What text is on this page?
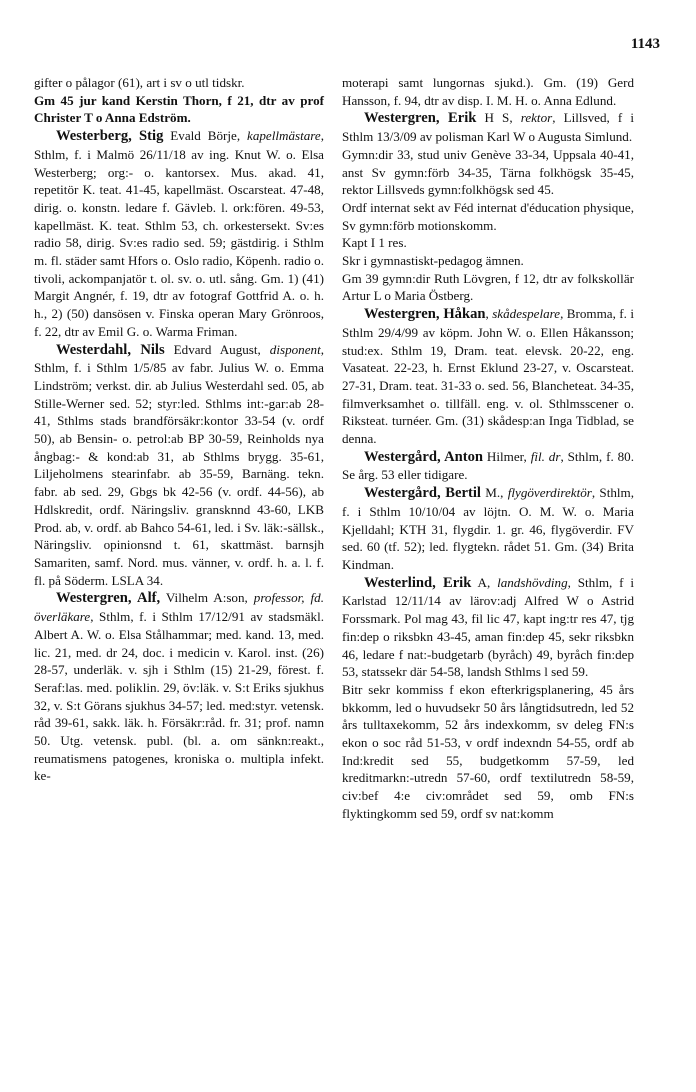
1143

gifter o pålagor (61), art i sv o utl tidskr.

Gm 45 jur kand Kerstin Thorn, f 21, dtr av prof Christer T o Anna Edström.

Westerberg, Stig Evald Börje, kapellmästare, Sthlm, f. i Malmö 26/11/18 av ing. Knut W. o. Elsa Westerberg; org:- o. kantorsex. Mus. akad. 41, repetitör K. teat. 41-45, kapellmäst. Oscarsteat. 47-48, dirig. o. konstn. ledare f. Gävleb. l. ork:fören. 49-53, kapellmäst. K. teat. Sthlm 53, ch. orkestersekt. Sv:es radio 58, dirig. Sv:es radio sed. 59; gästdirig. i Sthlm m. fl. städer samt Hfors o. Oslo radio, Köpenh. radio o. tivoli, ackompanjatör t. ol. sv. o. utl. sång. Gm. 1) (41) Margit Angnér, f. 19, dtr av fotograf Gottfrid A. o. h. h., 2) (50) dansösen v. Finska operan Mary Grönroos, f. 22, dtr av Emil G. o. Warma Friman.

Westerdahl, Nils Edvard August, disponent, Sthlm, f. i Sthlm 1/5/85 av fabr. Julius W. o. Emma Lindström; verkst. dir. ab Julius Westerdahl sed. 05, ab Stille-Werner sed. 52; styr:led. Sthlms int:-gar:ab 28-41, Sthlms stads brandförsäkr:kontor 33-54 (v. ordf 50), ab Bensin- o. petrol:ab BP 30-59, Reinholds nya ångbag:- & kond:ab 31, ab Sthlms brygg. 35-61, Liljeholmens stearinfabr. ab 35-59, Barnäng. tekn. fabr. ab sed. 29, Gbgs bk 42-56 (v. ordf. 44-56), ab Hdlskredit, ordf. Näringsliv. gransknnd 43-60, LKB Prod. ab, v. ordf. ab Bahco 54-61, led. i Sv. läk:-sällsk., Näringsliv. opinionsnd t. 61, skattmäst. barnsjh Samariten, samf. Nord. mus. vänner, v. ordf. h. a. l. f. fl. på Söderm. LSLA 34.

Westergren, Alf, Vilhelm A:son, professor, fd. överläkare, Sthlm, f. i Sthlm 17/12/91 av stadsmäkl. Albert A. W. o. Elsa Stålhammar; med. kand. 13, med. lic. 21, med. dr 24, doc. i medicin v. Karol. inst. (26) 28-57, underläk. v. sjh i Sthlm (15) 21-29, förest. f. Seraf:las. med. poliklin. 29, öv:läk. v. S:t Eriks sjukhus 32, v. S:t Görans sjukhus 34-57; led. med:styr. vetensk. råd 39-61, sakk. läk. h. Försäkr:råd. fr. 31; prof. namn 50. Utg. vetensk. publ. (bl. a. om sänkn:reakt., reumatismens patogenes, kroniska o. multipla infekt. ke-

moterapi samt lungornas sjukd.). Gm. (19) Gerd Hansson, f. 94, dtr av disp. I. M. H. o. Anna Edlund.

Westergren, Erik H S, rektor, Lillsved, f i Sthlm 13/3/09 av polisman Karl W o Augusta Simlund.

Gymn:dir 33, stud univ Genève 33-34, Uppsala 40-41, anst Sv gymn:förb 34-35, Tärna folkhögsk 35-45, rektor Lillsveds gymn:folkhögsk sed 45.

Ordf internat sekt av Féd internat d'éducation physique, Sv gymn:förb motionskomm.

Kapt I 1 res.

Skr i gymnastiskt-pedagog ämnen.

Gm 39 gymn:dir Ruth Lövgren, f 12, dtr av folkskollär Artur L o Maria Östberg.

Westergren, Håkan, skådespelare, Bromma, f. i Sthlm 29/4/99 av köpm. John W. o. Ellen Håkansson; stud:ex. Sthlm 19, Dram. teat. elevsk. 20-22, eng. Vasateat. 22-23, h. Ernst Eklund 23-27, v. Oscarsteat. 27-31, Dram. teat. 31-33 o. sed. 56, Blancheteat. 34-35, filmverksamhet o. tillfäll. eng. v. ol. Sthlmsscener o. Riksteat. turnéer. Gm. (31) skådesp:an Inga Tidblad, se denna.

Westergård, Anton Hilmer, fil. dr, Sthlm, f. 80. Se årg. 53 eller tidigare.

Westergård, Bertil M., flygöverdirektör, Sthlm, f. i Sthlm 10/10/04 av löjtn. O. M. W. o. Maria Kjelldahl; KTH 31, flygdir. 1. gr. 46, flygöverdir. FV sed. 60 (tf. 52); led. flygtekn. rådet 51. Gm. (34) Brita Kindman.

Westerlind, Erik A, landshövding, Sthlm, f i Karlstad 12/11/14 av lärov:adj Alfred W o Astrid Forssmark. Pol mag 43, fil lic 47, kapt ing:tr res 47, tjg fin:dep o riksbkn 43-45, aman fin:dep 45, sekr riksbkn 46, ledare f nat:-budgetarb (byråch) 49, byråch fin:dep 53, statssekr där 54-58, landsh Sthlms l sed 59.

Bitr sekr kommiss f ekon efterkrigsplanering, 45 års bkkomm, led o huvudsekr 50 års långtidsutredn, led 52 års tulltaxekomm, 52 års indexkomm, sv deleg FN:s ekon o soc råd 51-53, v ordf indexndn 54-55, ordf ab Ind:kredit sed 55, budgetkomm 57-59, led kreditmarkn:-utredn 57-60, ordf textilutredn 58-59, civ:bef 4:e civ:området sed 59, omb FN:s flyktingkomm sed 59, ordf sv nat:komm
